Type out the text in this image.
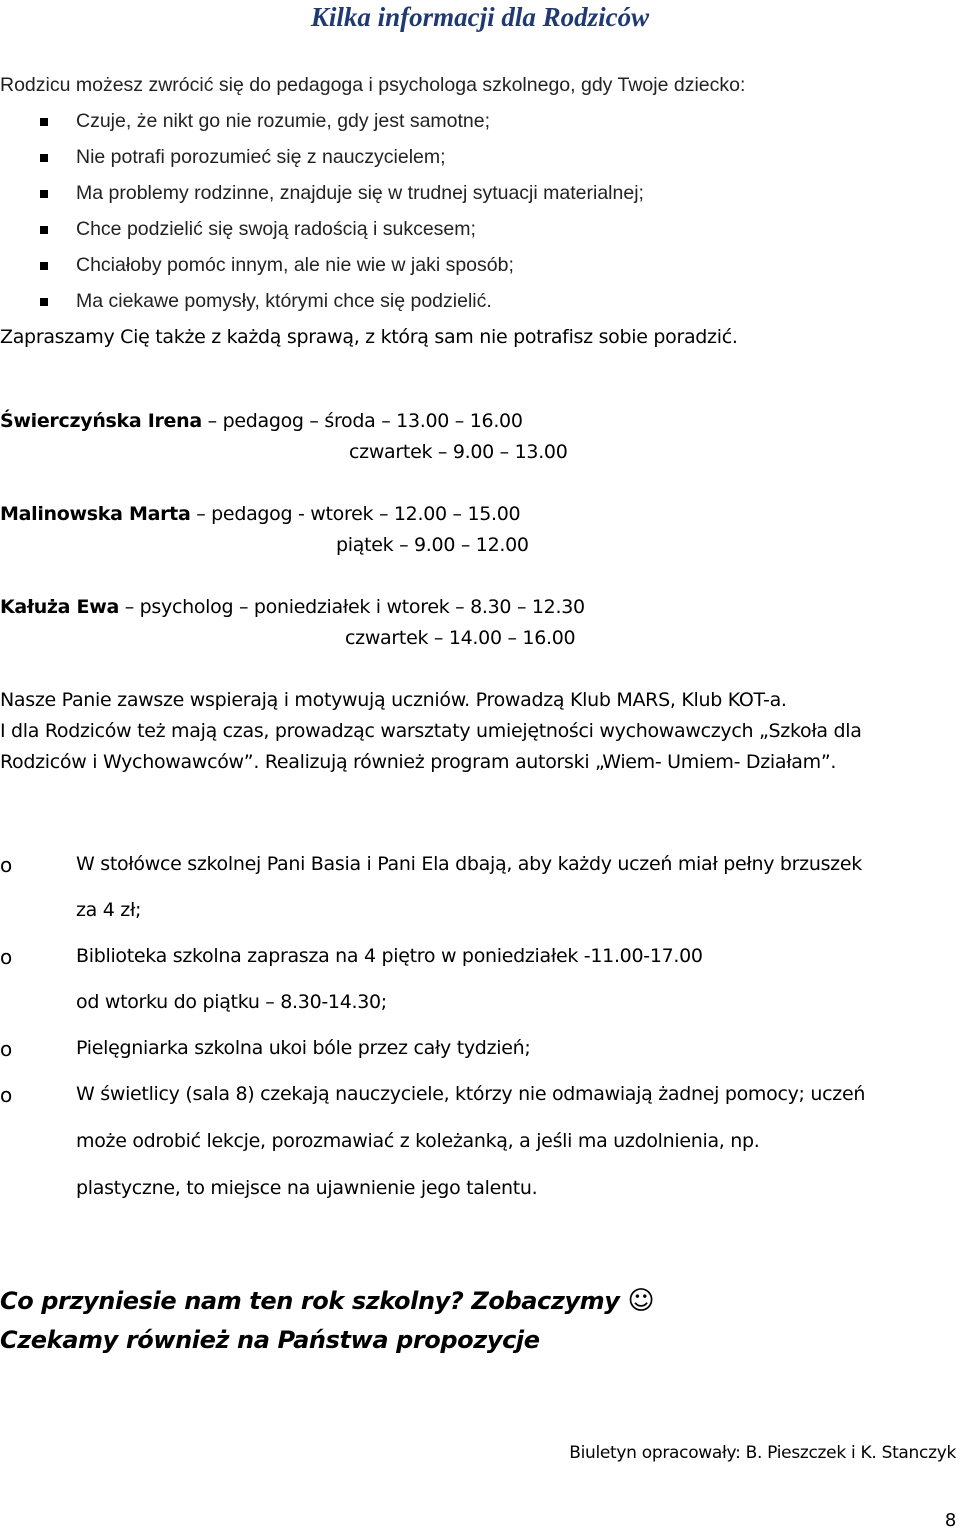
Kilka informacji dla Rodziców
Rodzicu możesz zwrócić się do pedagoga i psychologa szkolnego, gdy Twoje dziecko:
Czuje, że nikt go nie rozumie, gdy jest samotne;
Nie potrafi porozumieć się z nauczycielem;
Ma problemy rodzinne, znajduje się w trudnej sytuacji materialnej;
Chce podzielić się swoją radością i sukcesem;
Chciałoby pomóc innym, ale nie wie w jaki sposób;
Ma ciekawe pomysły, którymi chce się podzielić.
Zapraszamy Cię także z każdą sprawą, z którą sam nie potrafisz sobie poradzić.
Świerczyńska Irena – pedagog – środa – 13.00 – 16.00
czwartek – 9.00 – 13.00
Malinowska Marta – pedagog - wtorek – 12.00 – 15.00
piątek – 9.00 – 12.00
Kałuża Ewa – psycholog – poniedziałek i wtorek – 8.30 – 12.30
czwartek – 14.00 – 16.00
Nasze Panie zawsze wspierają i motywują uczniów. Prowadzą Klub MARS, Klub KOT-a.
I dla Rodziców też mają czas, prowadząc warsztaty umiejętności wychowawczych „Szkoła dla
Rodziców i Wychowawców”. Realizują również program autorski „Wiem- Umiem- Działam”.
o	W stołówce szkolnej Pani Basia i Pani Ela dbają, aby każdy uczeń miał pełny brzuszek
za 4 zł;
o	Biblioteka szkolna zaprasza na 4 piętro w poniedziałek -11.00-17.00
od wtorku do piątku – 8.30-14.30;
o	Pielęgniarka szkolna ukoi bóle przez cały tydzień;
o	W świetlicy (sala 8) czekają nauczyciele, którzy nie odmawiają żadnej pomocy; uczeń
może odrobić lekcje, porozmawiać z koleżanką, a jeśli ma uzdolnienia, np.
plastyczne, to miejsce na ujawnienie jego talentu.
Co przyniesie nam ten rok szkolny? Zobaczymy ☺
Czekamy również na Państwa propozycje
Biuletyn opracowały: B. Pieszczek i K. Stanczyk
8
